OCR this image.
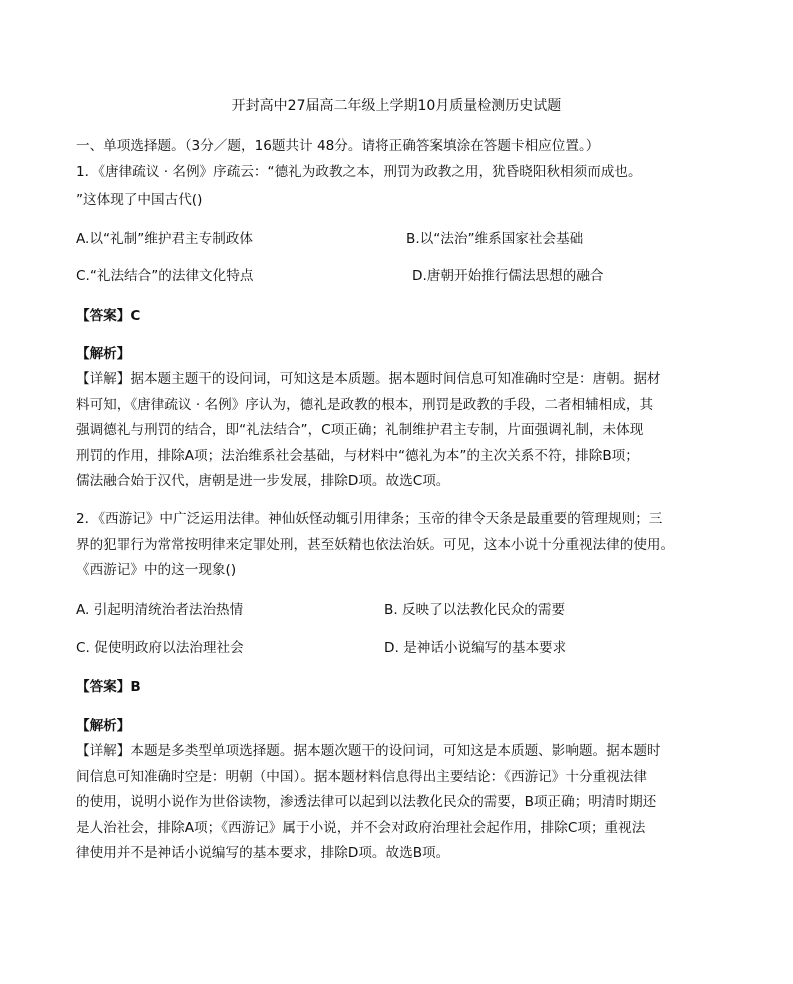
开封高中27届高二年级上学期10月质量检测历史试题
一、单项选择题。（3分／题，16题共计 48分。请将正确答案填涂在答题卡相应位置。）
1．《唐律疏议 · 名例》序疏云：“德礼为政教之本，刑罚为政教之用，犹昏晓阳秋相须而成也。
”这体现了中国古代()
A.以“礼制”维护君主专制政体	B.以“法治”维系国家社会基础
C.“礼法结合”的法律文化特点	D.唐朝开始推行儒法思想的融合
【答案】C
【解析】
【详解】据本题主题干的设问词，可知这是本质题。据本题时间信息可知准确时空是：唐朝。据材
料可知，《唐律疏议 · 名例》序认为，德礼是政教的根本，刑罚是政教的手段，二者相辅相成，其
强调德礼与刑罚的结合，即“礼法结合”，C项正确；礼制维护君主专制，片面强调礼制，未体现
刑罚的作用，排除A项；法治维系社会基础，与材料中“德礼为本”的主次关系不符，排除B项；
儒法融合始于汉代，唐朝是进一步发展，排除D项。故选C项。
2．《西游记》中广泛运用法律。神仙妖怪动辄引用律条；玉帝的律令天条是最重要的管理规则；三
界的犯罪行为常常按明律来定罪处刑，甚至妖精也依法治妖。可见，这本小说十分重视法律的使用。
《西游记》中的这一现象()
A. 引起明清统治者法治热情	B. 反映了以法教化民众的需要
C. 促使明政府以法治理社会	D. 是神话小说编写的基本要求
【答案】B
【解析】
【详解】本题是多类型单项选择题。据本题次题干的设问词，可知这是本质题、影响题。据本题时
间信息可知准确时空是：明朝（中国）。据本题材料信息得出主要结论：《西游记》十分重视法律
的使用，说明小说作为世俗读物，渗透法律可以起到以法教化民众的需要，B项正确；明清时期还
是人治社会，排除A项；《西游记》属于小说，并不会对政府治理社会起作用，排除C项；重视法
律使用并不是神话小说编写的基本要求，排除D项。故选B项。
